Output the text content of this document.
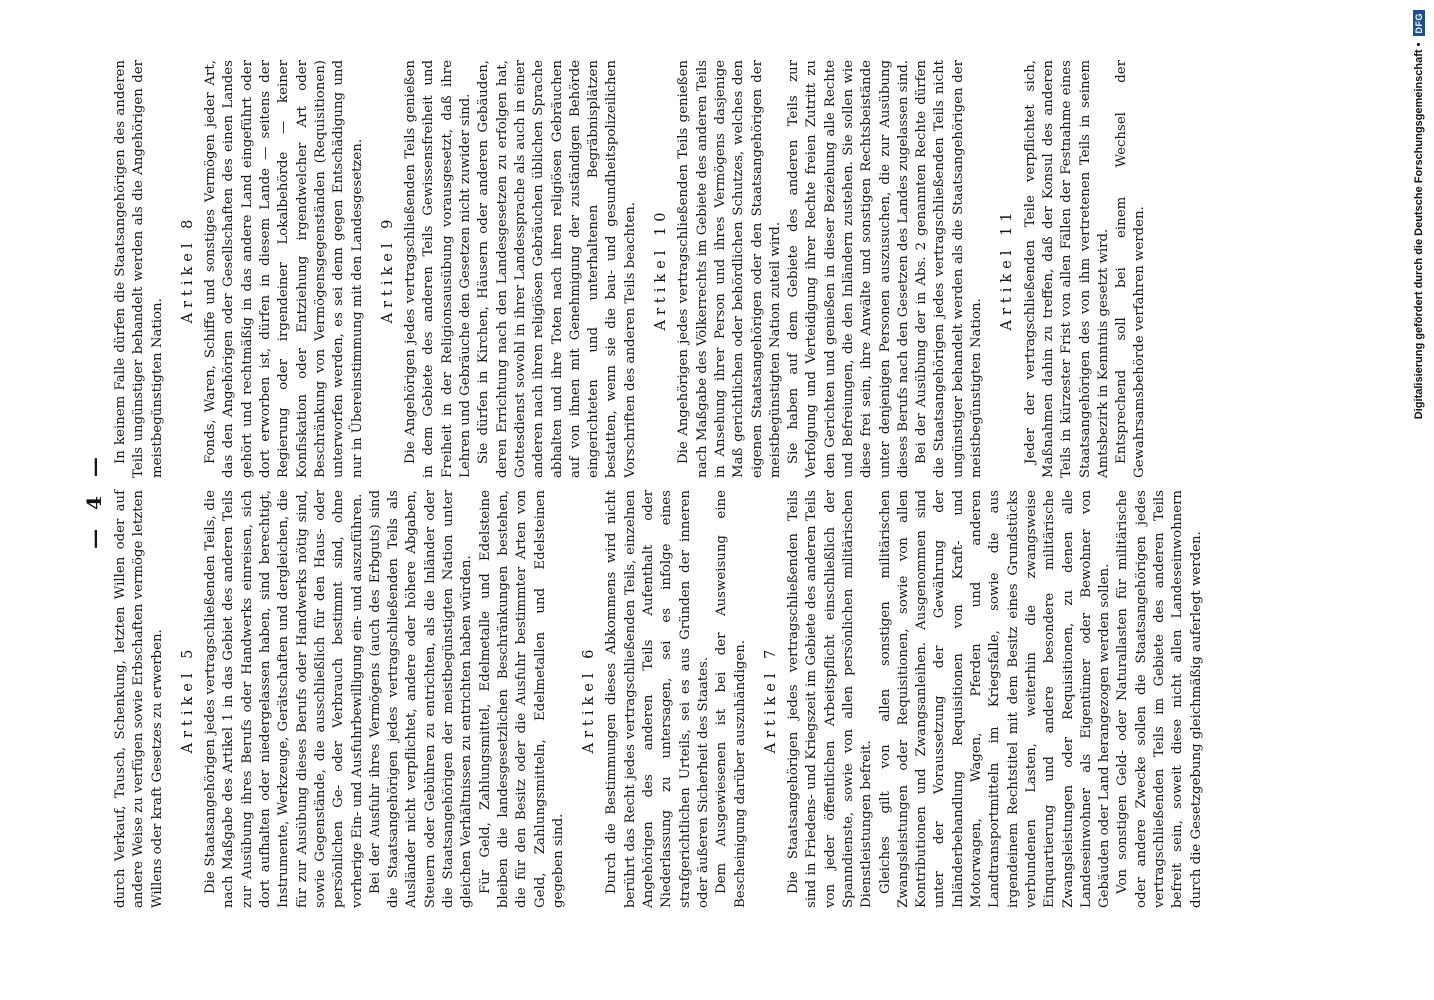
— 4 — durch Verkauf, Tausch, Schenkung, letzten Willen oder auf andere Weise zu verfügen sowie Erbschaften vermöge letzten Willens oder kraft Gesetzes zu erwerben. Artikel 5 Die Staatsangehörigen jedes vertragschließenden Teils, die nach Maßgabe des Artikel 1 in das Gebiet des anderen Teils zur Ausübung ihres Berufs oder Handwerks einreisen, sich dort aufhalten oder niedergelassen haben, sind berechtigt, Instrumente, Werkzeuge, Gerätschaften und dergleichen, die für zur Ausübung dieses Berufs oder Handwerks nötig sind, sowie Gegenstände, die ausschließlich für den Haus- oder persönlichen Ge- oder Verbrauch bestimmt sind, ohne vorherige Ein- und Ausfuhrbewilligung ein- und auszuführen. Bei der Ausfuhr ihres Vermögens (auch des Erbguts) sind die Staatsangehörigen jedes vertragschließenden Teils als Ausländer nicht verpflichtet, andere oder höhere Abgaben, Steuern oder Gebühren zu entrichten, als die Inländer oder die Staatsangehörigen der meistbegünstigten Nation unter gleichen Verhältnissen zu entrichten haben würden. Für Geld, Zahlungsmittel, Edelmetalle und Edelsteine bleiben die landesgesetzlichen Beschränkungen bestehen, die für den Besitz oder die Ausfuhr bestimmter Arten von Geld, Zahlungsmitteln, Edelmetallen und Edelsteinen gegeben sind.

Artikel 6 Durch die Bestimmungen dieses Abkommens wird nicht berührt das Recht jedes vertragschließenden Teils, einzelnen Angehörigen des anderen Teils Aufenthalt oder Niederlassung zu untersagen, sei es infolge eines strafgerichtlichen Urteils, sei es aus Gründen der inneren oder äußeren Sicherheit des Staates. Dem Ausgewiesenen ist bei der Ausweisung eine Bescheinigung darüber auszuhändigen. Artikel 7 Die Staatsangehörigen jedes vertragschließenden Teils sind in Friedens- und Kriegszeit im Gebiete des anderen Teils von jeder öffentlichen Arbeitspflicht einschließlich der Spanndienste, sowie von allen persönlichen militärischen Dienstleistungen befreit. Gleiches gilt von allen sonstigen militärischen Zwangsleistungen oder Requisitionen, sowie von allen Kontributionen und Zwangsanleihen. Ausgenommen sind unter der Voraussetzung der Gewährung der Inländerbehandlung Requisitionen von Kraft- und Motorwagen, Wagen, Pferden und anderen Landtransportmitteln im Kriegsfalle, sowie die aus irgendeinem Rechtstitel mit dem Besitz eines Grundstücks verbundenen Lasten, weiterhin die zwangsweise Einquartierung und andere besondere militärische Zwangsleistungen oder Requisitionen, zu denen alle Landeseinwohner als Eigentümer oder Bewohner von Gebäuden oder Land herangezogen werden sollen. Von sonstigen Geld- oder Naturallasten für militärische oder andere Zwecke sollen die Staatsangehörigen jedes vertragschließenden Teils im Gebiete des anderen Teils befreit sein, soweit diese nicht allen Landeseinwohnern durch die Gesetzgebung gleichmäßig auferlegt werden.

In keinem Falle dürfen die Staatsangehörigen des anderen Teils ungünstiger behandelt werden als die Angehörigen der meistbegünstigten Nation.

Artikel 8 Fonds, Waren, Schiffe und sonstiges Vermögen jeder Art, das den Angehörigen oder Gesellschaften des einen Landes gehört und rechtmäßig in das andere Land eingeführt oder dort erworben ist, dürfen in diesem Lande — seitens der Regierung oder irgendeiner Lokalbehörde — keiner Konfiskation oder Entziehung irgendwelcher Art oder Beschränkung von Vermögensgegenständen (Requisitionen) unterworfen werden, es sei denn gegen Entschädigung und nur in Übereinstimmung mit den Landesgesetzen. Artikel 9 Die Angehörigen jedes vertragschließenden Teils genießen in dem Gebiete des anderen Teils Gewissensfreiheit und Freiheit in der Religionsausübung vorausgesetzt, daß ihre Lehren und Gebräuche den Gesetzen nicht zuwider sind. Sie dürfen in Kirchen, Häusern oder anderen Gebäuden, deren Errichtung nach den Landesgesetzen zu erfolgen hat, Gottesdienst sowohl in ihrer Landessprache als auch in einer anderen nach ihren religiösen Gebräuchen üblichen Sprache abhalten und ihre Toten nach ihren religiösen Gebräuchen auf von ihnen mit Genehmigung der zuständigen Behörde eingerichteten und unterhaltenen Begräbnisplätzen bestatten, wenn sie die bau- und gesundheitspolizeilichen Vorschriften des anderen Teils beachten. Artikel 10 Die Angehörigen jedes vertragschließenden Teils genießen nach Maßgabe des Völkerrechts im Gebiete des anderen Teils in Ansehung ihrer Person und ihres Vermögens dasjenige Maß gerichtlichen oder behördlichen Schutzes, welches den eigenen Staatsangehörigen oder den Staatsangehörigen der meistbegünstigten Nation zuteil wird. Sie haben auf dem Gebiete des anderen Teils zur Verfolgung und Verteidigung ihrer Rechte freien Zutritt zu den Gerichten und genießen in dieser Beziehung alle Rechte und Befreiungen, die den Inländern zustehen. Sie sollen wie diese frei sein, ihre Anwälte und sonstigen Rechtsbeistände unter denjenigen Personen auszusuchen, die zur Ausübung dieses Berufs nach den Gesetzen des Landes zugelassen sind. Bei der Ausübung der in Abs. 2 genannten Rechte dürfen die Staatsangehörigen jedes vertragschließenden Teils nicht ungünstiger behandelt werden als die Staatsangehörigen der meistbegünstigten Nation.

Artikel 11 Jeder der vertragschließenden Teile verpflichtet sich, Maßnahmen dahin zu treffen, daß der Konsul des anderen Teils in kürzester Frist von allen Fällen der Festnahme eines Staatsangehörigen des von ihm vertretenen Teils in seinem Amtsbezirk in Kenntnis gesetzt wird. Entsprechend soll bei einem Wechsel der Gewahrsamsbehörde verfahren werden.	Digitalisierung gefördert durch die Deutsche Forschungsgemeinschaft •
DFG
